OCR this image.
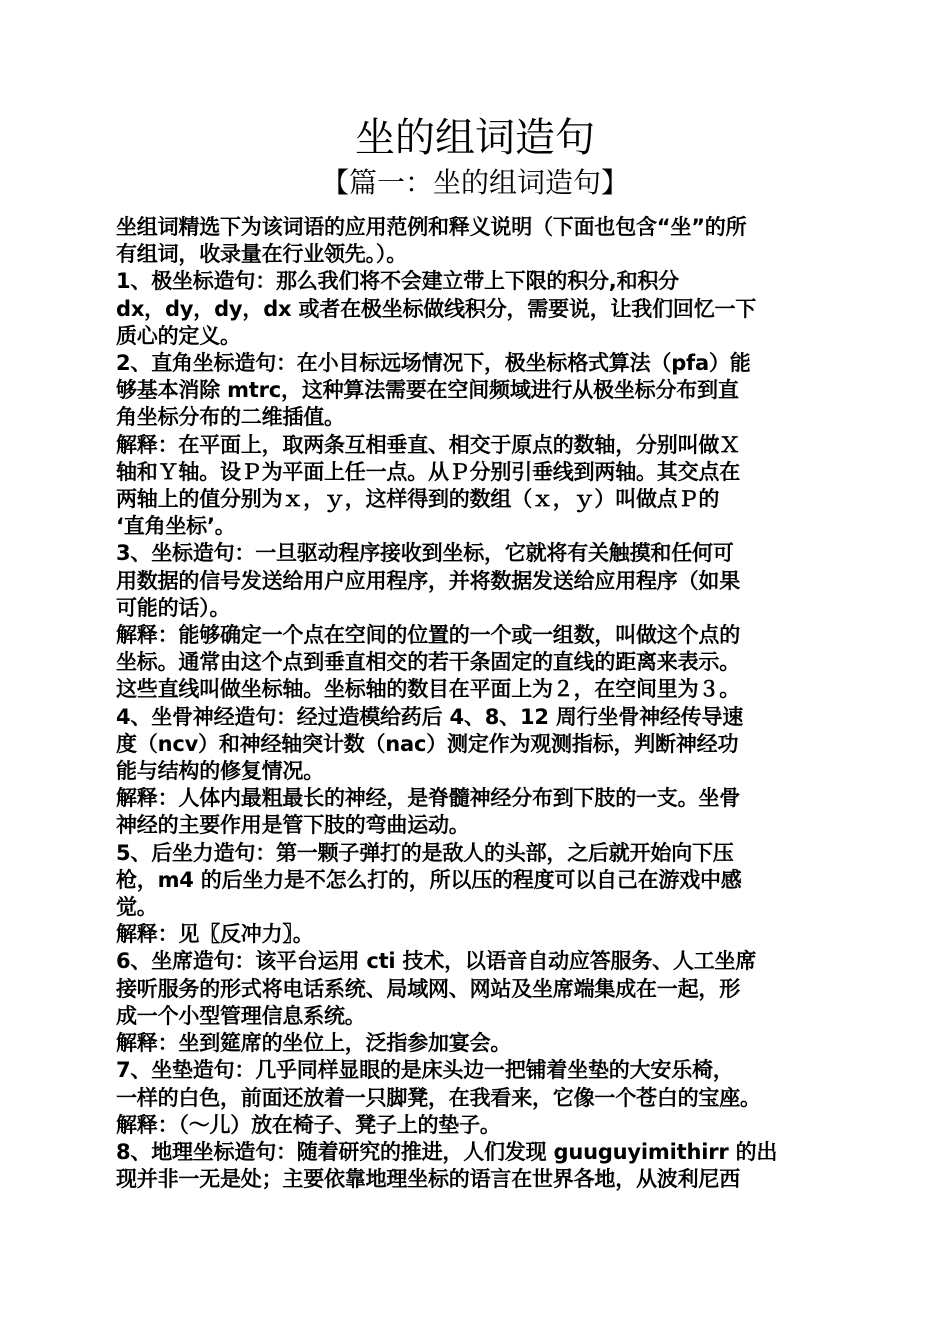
坐的组词造句
【篇一：坐的组词造句】
坐组词精选下为该词语的应用范例和释义说明（下面也包含“坐”的所
有组词，收录量在行业领先。）。
1、极坐标造句：那么我们将不会建立带上下限的积分,和积分
dx，dy，dy，dx 或者在极坐标做线积分，需要说，让我们回忆一下
质心的定义。
2、直角坐标造句：在小目标远场情况下，极坐标格式算法（pfa）能
够基本消除 mtrc，这种算法需要在空间频域进行从极坐标分布到直
角坐标分布的二维插值。
解释：在平面上，取两条互相垂直、相交于原点的数轴，分别叫做Ｘ
轴和Ｙ轴。设Ｐ为平面上任一点。从Ｐ分别引垂线到两轴。其交点在
两轴上的值分别为ｘ，ｙ，这样得到的数组（ｘ，ｙ）叫做点Ｐ的
‘直角坐标’。
3、坐标造句：一旦驱动程序接收到坐标，它就将有关触摸和任何可
用数据的信号发送给用户应用程序，并将数据发送给应用程序（如果
可能的话）。
解释：能够确定一个点在空间的位置的一个或一组数，叫做这个点的
坐标。通常由这个点到垂直相交的若干条固定的直线的距离来表示。
这些直线叫做坐标轴。坐标轴的数目在平面上为２，在空间里为３。
4、坐骨神经造句：经过造模给药后 4、8、12 周行坐骨神经传导速
度（ncv）和神经轴突计数（nac）测定作为观测指标，判断神经功
能与结构的修复情况。
解释：人体内最粗最长的神经，是脊髓神经分布到下肢的一支。坐骨
神经的主要作用是管下肢的弯曲运动。
5、后坐力造句：第一颗子弹打的是敌人的头部，之后就开始向下压
枪，m4 的后坐力是不怎么打的，所以压的程度可以自己在游戏中感
觉。
解释：见〖反冲力〗。
6、坐席造句：该平台运用 cti 技术，以语音自动应答服务、人工坐席
接听服务的形式将电话系统、局域网、网站及坐席端集成在一起，形
成一个小型管理信息系统。
解释：坐到筵席的坐位上，泛指参加宴会。
7、坐垫造句：几乎同样显眼的是床头边一把铺着坐垫的大安乐椅，
一样的白色，前面还放着一只脚凳，在我看来，它像一个苍白的宝座。
解释：（～儿）放在椅子、凳子上的垫子。
8、地理坐标造句：随着研究的推进，人们发现 guuguyimithirr 的出
现并非一无是处；主要依靠地理坐标的语言在世界各地，从波利尼西
